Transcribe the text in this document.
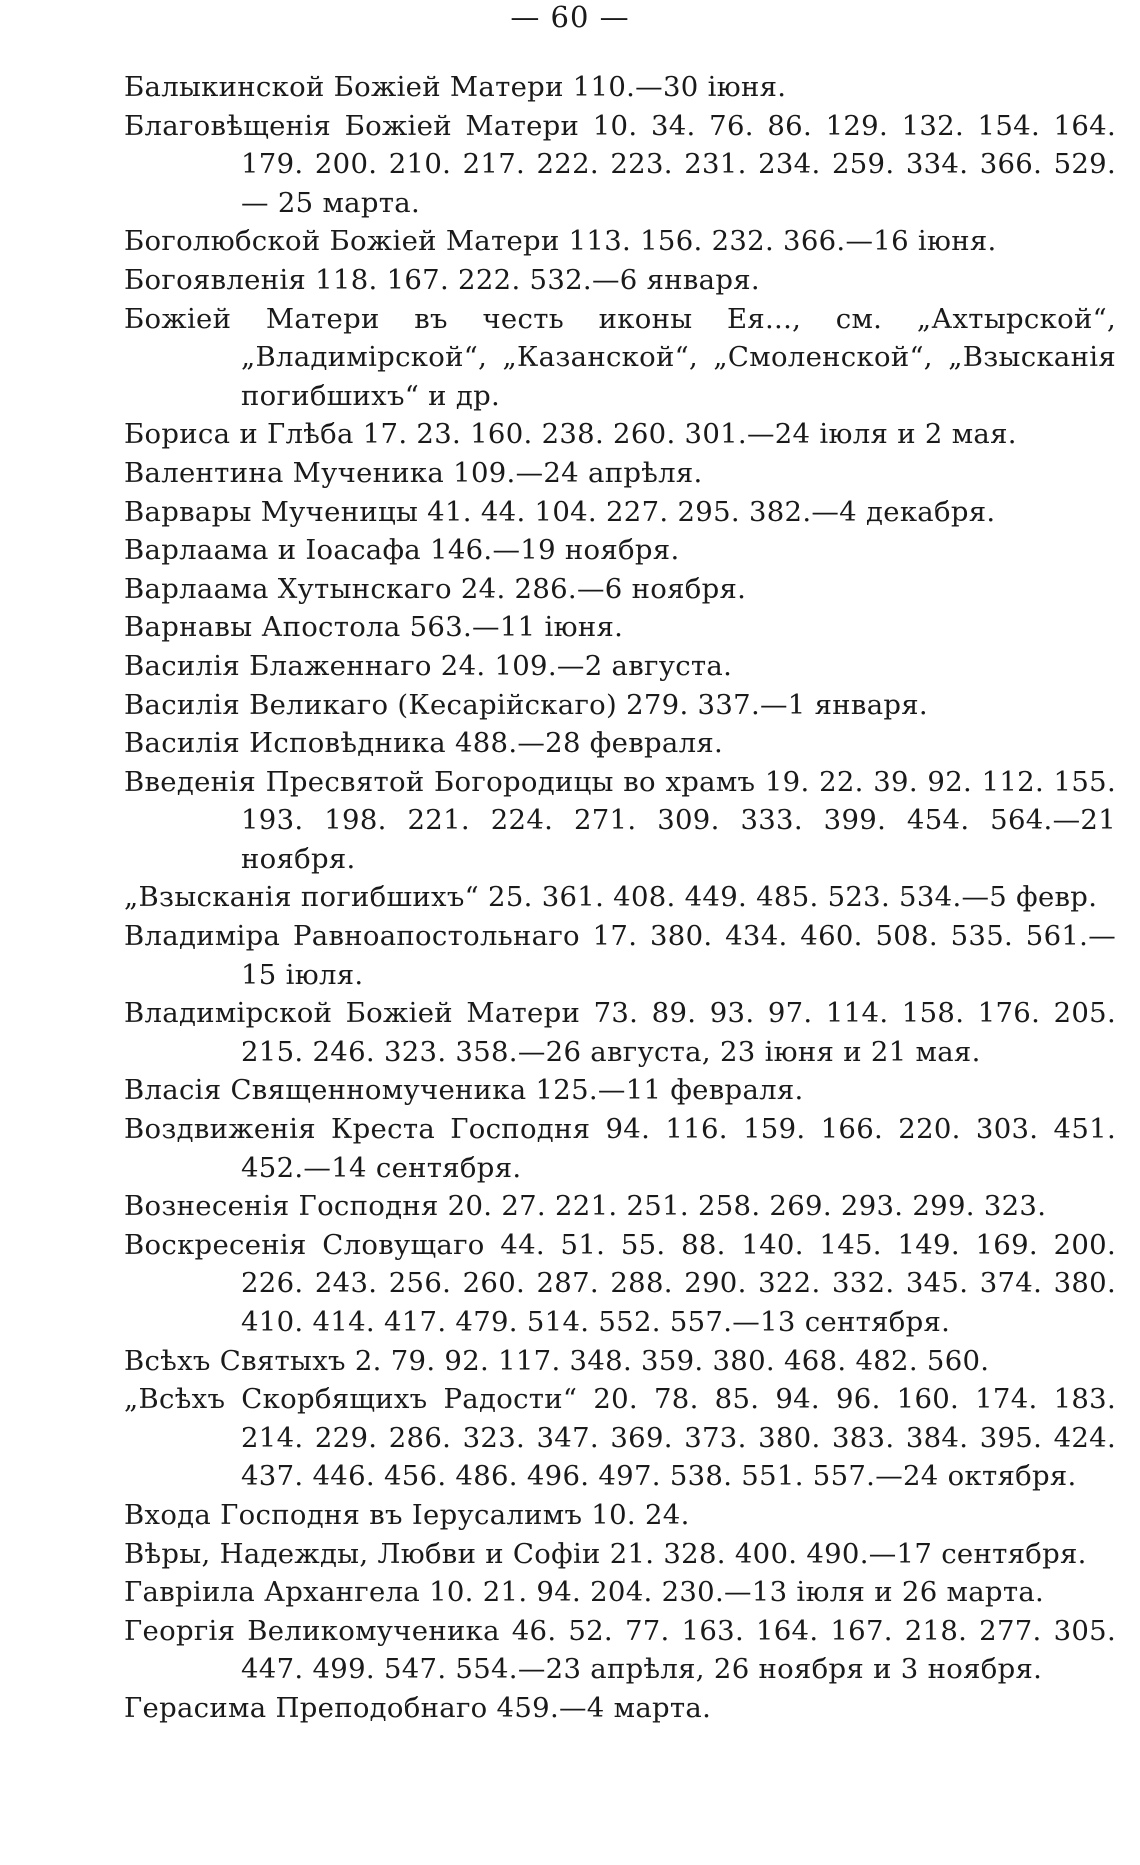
— 60 —
Балыкинской Божіей Матери 110.—30 іюня.
Благовѣщенія Божіей Матери 10. 34. 76. 86. 129. 132. 154. 164. 179. 200. 210. 217. 222. 223. 231. 234. 259. 334. 366. 529.— 25 марта.
Боголюбской Божіей Матери 113. 156. 232. 366.—16 іюня.
Богоявленія 118. 167. 222. 532.—6 января.
Божіей Матери въ честь иконы Ея..., см. „Ахтырской“, „Владимірской“, „Казанской“, „Смоленской“, „Взысканія погибшихъ“ и др.
Бориса и Глѣба 17. 23. 160. 238. 260. 301.—24 іюля и 2 мая.
Валентина Мученика 109.—24 апрѣля.
Варвары Мученицы 41. 44. 104. 227. 295. 382.—4 декабря.
Варлаама и Іоасафа 146.—19 ноября.
Варлаама Хутынскаго 24. 286.—6 ноября.
Варнавы Апостола 563.—11 іюня.
Василія Блаженнаго 24. 109.—2 августа.
Василія Великаго (Кесарійскаго) 279. 337.—1 января.
Василія Исповѣдника 488.—28 февраля.
Введенія Пресвятой Богородицы во храмъ 19. 22. 39. 92. 112. 155. 193. 198. 221. 224. 271. 309. 333. 399. 454. 564.—21 ноября.
„Взысканія погибшихъ“ 25. 361. 408. 449. 485. 523. 534.—5 февр.
Владиміра Равноапостольнаго 17. 380. 434. 460. 508. 535. 561.— 15 іюля.
Владимірской Божіей Матери 73. 89. 93. 97. 114. 158. 176. 205. 215. 246. 323. 358.—26 августа, 23 іюня и 21 мая.
Власія Священномученика 125.—11 февраля.
Воздвиженія Креста Господня 94. 116. 159. 166. 220. 303. 451. 452.—14 сентября.
Вознесенія Господня 20. 27. 221. 251. 258. 269. 293. 299. 323.
Воскресенія Словущаго 44. 51. 55. 88. 140. 145. 149. 169. 200. 226. 243. 256. 260. 287. 288. 290. 322. 332. 345. 374. 380. 410. 414. 417. 479. 514. 552. 557.—13 сентября.
Всѣхъ Святыхъ 2. 79. 92. 117. 348. 359. 380. 468. 482. 560.
„Всѣхъ Скорбящихъ Радости“ 20. 78. 85. 94. 96. 160. 174. 183. 214. 229. 286. 323. 347. 369. 373. 380. 383. 384. 395. 424. 437. 446. 456. 486. 496. 497. 538. 551. 557.—24 октября.
Входа Господня въ Іерусалимъ 10. 24.
Вѣры, Надежды, Любви и Софіи 21. 328. 400. 490.—17 сентября.
Гавріила Архангела 10. 21. 94. 204. 230.—13 іюля и 26 марта.
Георгія Великомученика 46. 52. 77. 163. 164. 167. 218. 277. 305. 447. 499. 547. 554.—23 апрѣля, 26 ноября и 3 ноября.
Герасима Преподобнаго 459.—4 марта.
